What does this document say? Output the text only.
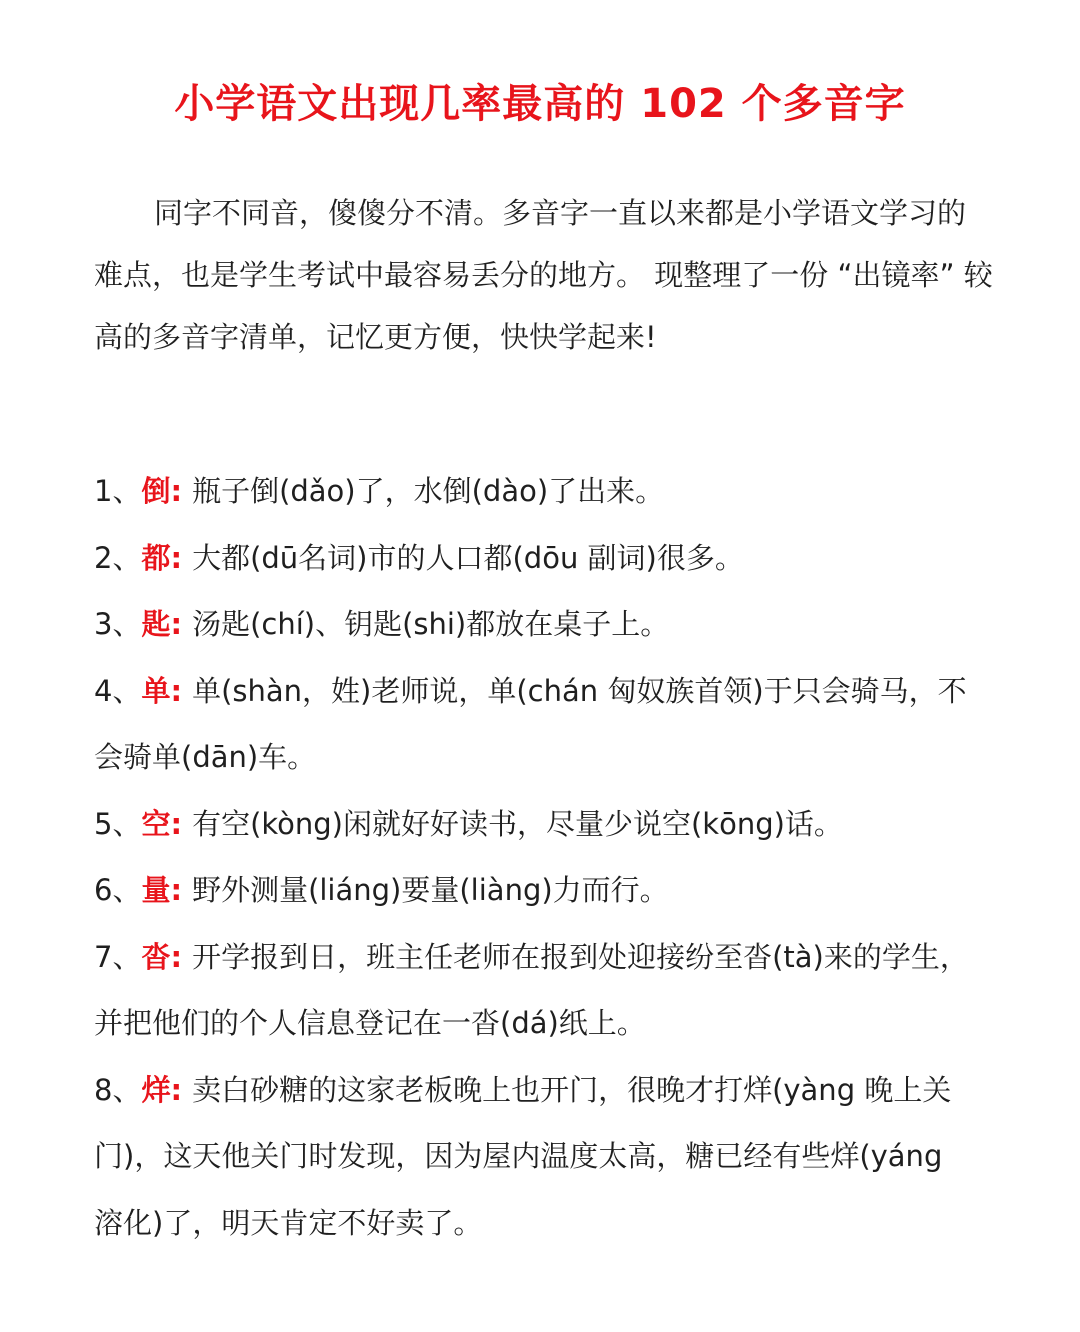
小学语文出现几率最高的 102 个多音字
同字不同音，傻傻分不清。多音字一直以来都是小学语文学习的
难点，也是学生考试中最容易丢分的地方。 现整理了一份 “出镜率” 较
高的多音字清单，记忆更方便，快快学起来!
1、倒: 瓶子倒(dǎo)了，水倒(dào)了出来。
2、都: 大都(dū名词)市的人口都(dōu 副词)很多。
3、匙: 汤匙(chí)、钥匙(shi)都放在桌子上。
4、单: 单(shàn，姓)老师说，单(chán 匈奴族首领)于只会骑马，不
会骑单(dān)车。
5、空: 有空(kòng)闲就好好读书，尽量少说空(kōng)话。
6、量: 野外测量(liáng)要量(liàng)力而行。
7、沓: 开学报到日，班主任老师在报到处迎接纷至沓(tà)来的学生，
并把他们的个人信息登记在一沓(dá)纸上。
8、烊: 卖白砂糖的这家老板晚上也开门，很晚才打烊(yàng 晚上关
门)，这天他关门时发现，因为屋内温度太高，糖已经有些烊(yáng
溶化)了，明天肯定不好卖了。
